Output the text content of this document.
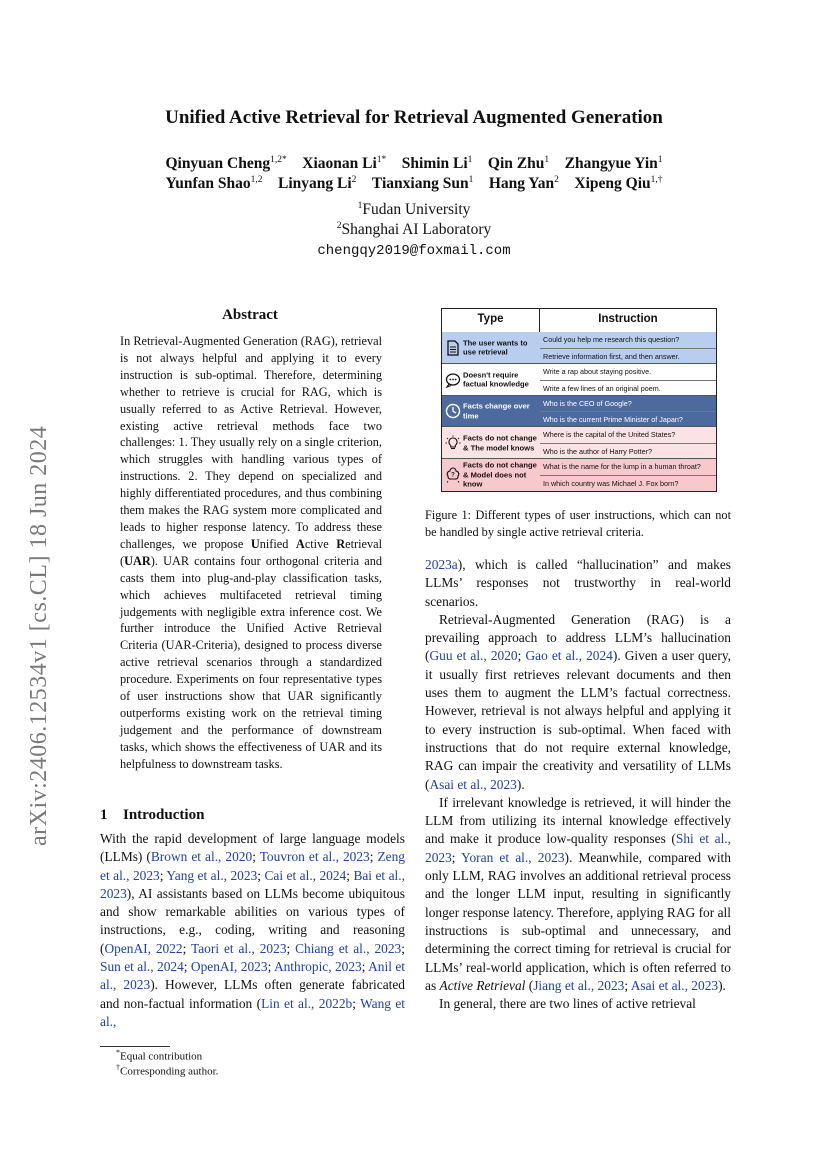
arXiv:2406.12534v1 [cs.CL] 18 Jun 2024
Unified Active Retrieval for Retrieval Augmented Generation
Qinyuan Cheng$^{1,2*}$  Xiaonan $Li^{1*}$  Shimin Li$^1$  Qin Zhu$^1$  Zhangyue Yin$^1$
Yunfan Shao$^{1,2}$  Linyang Li$^2$  Tianxiang Sun$^1$  Hang Yan$^2$  Xipeng Qiu$^{1,\dagger}$
$^1$Fudan University
$^2$Shanghai AI Laboratory
chengqy2019@foxmail.com
Abstract
In Retrieval-Augmented Generation (RAG), retrieval is not always helpful and applying it to every instruction is sub-optimal. Therefore, determining whether to retrieve is crucial for RAG, which is usually referred to as Active Retrieval. However, existing active retrieval methods face two challenges: 1. They usually rely on a single criterion, which struggles with handling various types of instructions. 2. They depend on specialized and highly differentiated procedures, and thus combining them makes the RAG system more complicated and leads to higher response latency. To address these challenges, we propose Unified Active Retrieval (UAR). UAR contains four orthogonal criteria and casts them into plug-and-play classification tasks, which achieves multifaceted retrieval timing judgements with negligible extra inference cost. We further introduce the Unified Active Retrieval Criteria (UAR-Criteria), designed to process diverse active retrieval scenarios through a standardized procedure. Experiments on four representative types of user instructions show that UAR significantly outperforms existing work on the retrieval timing judgement and the performance of downstream tasks, which shows the effectiveness of UAR and its helpfulness to downstream tasks.
1 Introduction
With the rapid development of large language models (LLMs) (Brown et al., 2020; Touvron et al., 2023; Zeng et al., 2023; Yang et al., 2023; Cai et al., 2024; Bai et al., 2023), AI assistants based on LLMs become ubiquitous and show remarkable abilities on various types of instructions, e.g., coding, writing and reasoning (OpenAI, 2022; Taori et al., 2023; Chiang et al., 2023; Sun et al., 2024; OpenAI, 2023; Anthropic, 2023; Anil et al., 2023). However, LLMs often generate fabricated and non-factual information (Lin et al., 2022b; Wang et al.,
*Equal contribution
†Corresponding author.
Type	Instruction
The user wants to use retrieval
Could you help me research this question?
Retrieve information first, and then answer.
Doesn't require factual knowledge
Write a rap about staying positive.
Write a few lines of an original poem.
Facts change over time
Who is the CEO of Google?
Who is the current Prime Minister of Japan?
Facts do not change & The model knows
Where is the capital of the United States?
Who is the author of Harry Potter?
?
Facts do not change & Model does not know
What is the name for the lump in a human throat?
In which country was Michael J. Fox born?
Figure 1: Different types of user instructions, which can not be handled by single active retrieval criteria.

2023a), which is called “hallucination” and makes LLMs’ responses not trustworthy in real-world scenarios.

Retrieval-Augmented Generation (RAG) is a prevailing approach to address LLM’s hallucination (Guu et al., 2020; Gao et al., 2024). Given a user query, it usually first retrieves relevant documents and then uses them to augment the LLM’s factual correctness. However, retrieval is not always helpful and applying it to every instruction is sub-optimal. When faced with instructions that do not require external knowledge, RAG can impair the creativity and versatility of LLMs (Asai et al., 2023).

If irrelevant knowledge is retrieved, it will hinder the LLM from utilizing its internal knowledge effectively and make it produce low-quality responses (Shi et al., 2023; Yoran et al., 2023). Meanwhile, compared with only LLM, RAG involves an additional retrieval process and the longer LLM input, resulting in significantly longer response latency. Therefore, applying RAG for all instructions is sub-optimal and unnecessary, and determining the correct timing for retrieval is crucial for LLMs’ real-world application, which is often referred to as Active Retrieval (Jiang et al., 2023; Asai et al., 2023).

In general, there are two lines of active retrieval
